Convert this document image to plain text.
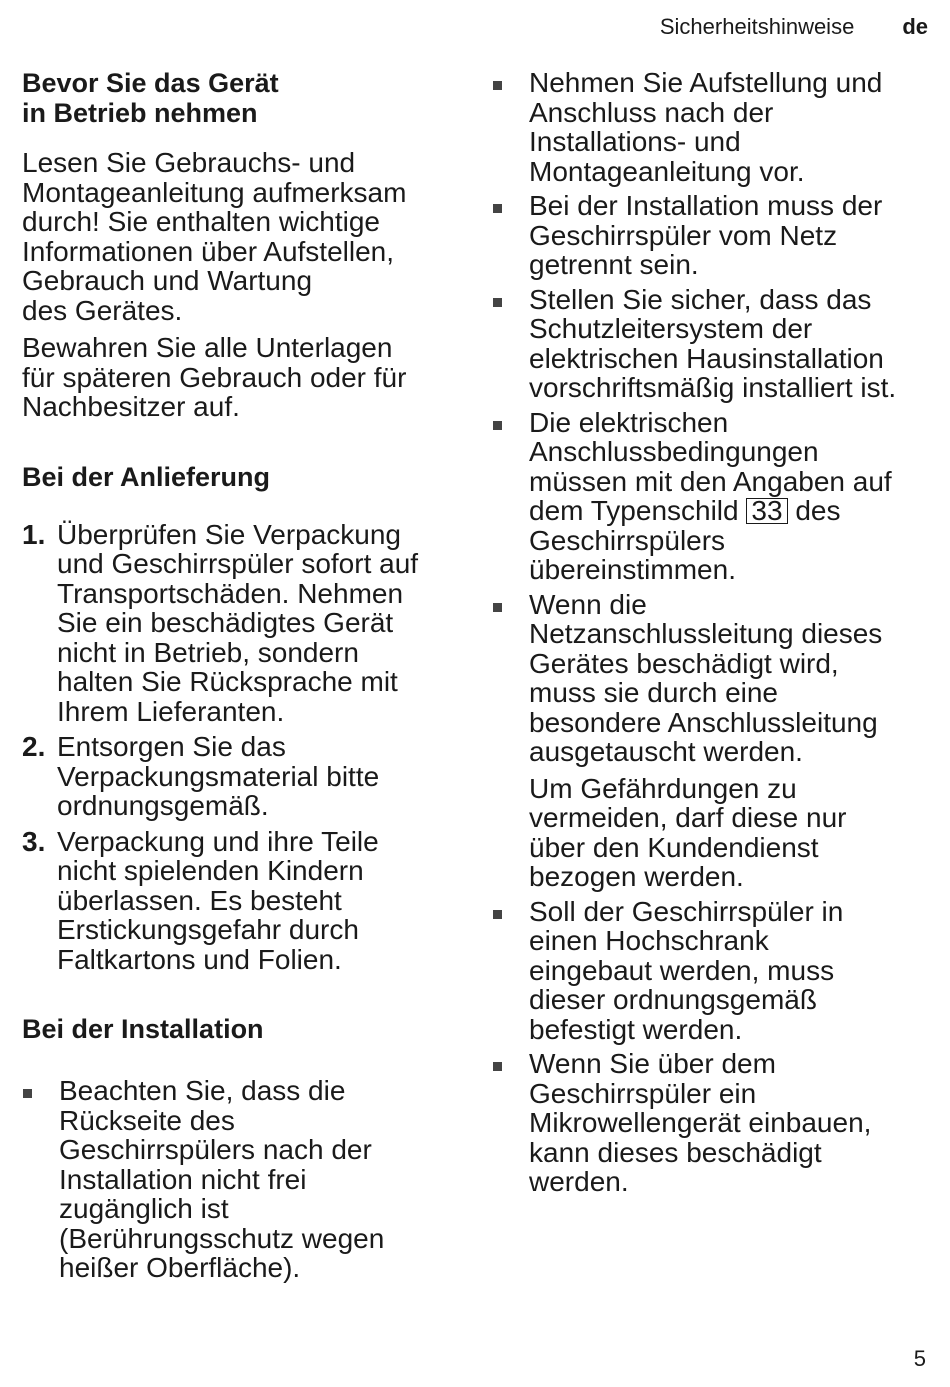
Sicherheitshinweise de
Bevor Sie das Gerät
in Betrieb nehmen

Lesen Sie Gebrauchs- und
Montageanleitung aufmerksam
durch! Sie enthalten wichtige
Informationen über Aufstellen,
Gebrauch und Wartung
des Gerätes.

Bewahren Sie alle Unterlagen
für späteren Gebrauch oder für
Nachbesitzer auf.

Bei der Anlieferung
1. Überprüfen Sie Verpackung
und Geschirrspüler sofort auf
Transportschäden. Nehmen
Sie ein beschädigtes Gerät
nicht in Betrieb, sondern
halten Sie Rücksprache mit
Ihrem Lieferanten.
2. Entsorgen Sie das
Verpackungsmaterial bitte
ordnungsgemäß.
3. Verpackung und ihre Teile
nicht spielenden Kindern
überlassen. Es besteht
Erstickungsgefahr durch
Faltkartons und Folien.
Bei der Installation
Beachten Sie, dass die
Rückseite des
Geschirrspülers nach der
Installation nicht frei
zugänglich ist
(Berührungsschutz wegen
heißer Oberfläche).
Nehmen Sie Aufstellung und
Anschluss nach der
Installations- und
Montageanleitung vor.
Bei der Installation muss der
Geschirrspüler vom Netz
getrennt sein.
Stellen Sie sicher, dass das
Schutzleitersystem der
elektrischen Hausinstallation
vorschriftsmäßig installiert ist.
Die elektrischen
Anschlussbedingungen
müssen mit den Angaben auf
dem Typenschild 33 des
Geschirrspülers
übereinstimmen.

Wenn die
Netzanschlussleitung dieses
Gerätes beschädigt wird,
muss sie durch eine
besondere Anschlussleitung
ausgetauscht werden.

Um Gefährdungen zu
vermeiden, darf diese nur
über den Kundendienst
bezogen werden.

Soll der Geschirrspüler in
einen Hochschrank
eingebaut werden, muss
dieser ordnungsgemäß
befestigt werden.
Wenn Sie über dem
Geschirrspüler ein
Mikrowellengerät einbauen,
kann dieses beschädigt
werden.
5
